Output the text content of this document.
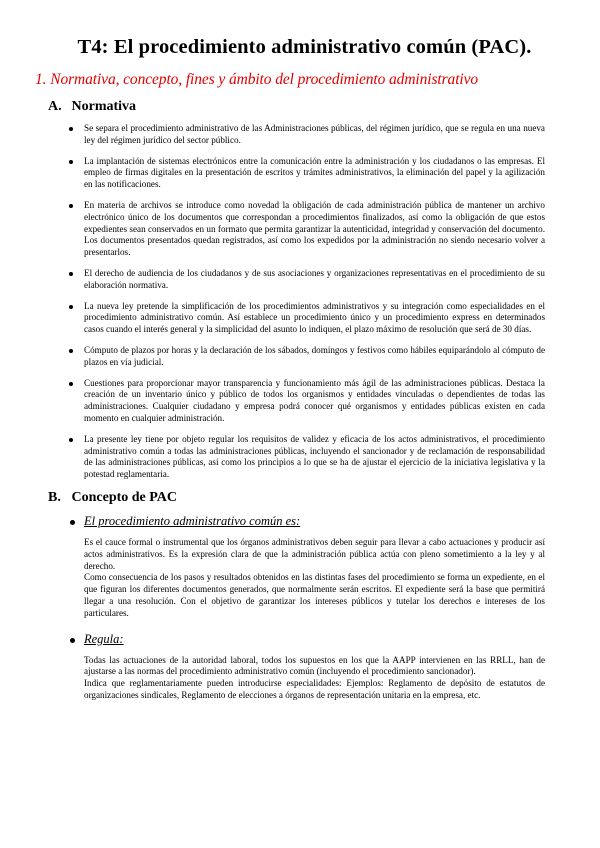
T4: El procedimiento administrativo común (PAC).
1. Normativa, concepto, fines y ámbito del procedimiento administrativo
A. Normativa
Se separa el procedimiento administrativo de las Administraciones públicas, del régimen jurídico, que se regula en una nueva ley del régimen jurídico del sector público.
La implantación de sistemas electrónicos entre la comunicación entre la administración y los ciudadanos o las empresas. El empleo de firmas digitales en la presentación de escritos y trámites administrativos, la eliminación del papel y la agilización en las notificaciones.
En materia de archivos se introduce como novedad la obligación de cada administración pública de mantener un archivo electrónico único de los documentos que correspondan a procedimientos finalizados, así como la obligación de que estos expedientes sean conservados en un formato que permita garantizar la autenticidad, integridad y conservación del documento. Los documentos presentados quedan registrados, así como los expedidos por la administración no siendo necesario volver a presentarlos.
El derecho de audiencia de los ciudadanos y de sus asociaciones y organizaciones representativas en el procedimiento de su elaboración normativa.
La nueva ley pretende la simplificación de los procedimientos administrativos y su integración como especialidades en el procedimiento administrativo común. Así establece un procedimiento único y un procedimiento express en determinados casos cuando el interés general y la simplicidad del asunto lo indiquen, el plazo máximo de resolución que será de 30 días.
Cómputo de plazos por horas y la declaración de los sábados, domingos y festivos como hábiles equiparándolo al cómputo de plazos en vía judicial.
Cuestiones para proporcionar mayor transparencia y funcionamiento más ágil de las administraciones públicas. Destaca la creación de un inventario único y público de todos los organismos y entidades vinculadas o dependientes de todas las administraciones. Cualquier ciudadano y empresa podrá conocer qué organismos y entidades públicas existen en cada momento en cualquier administración.
La presente ley tiene por objeto regular los requisitos de validez y eficacia de los actos administrativos, el procedimiento administrativo común a todas las administraciones públicas, incluyendo el sancionador y de reclamación de responsabilidad de las administraciones públicas, así como los principios a lo que se ha de ajustar el ejercicio de la iniciativa legislativa y la potestad reglamentaria.
B. Concepto de PAC
El procedimiento administrativo común es:

Es el cauce formal o instrumental que los órganos administrativos deben seguir para llevar a cabo actuaciones y producir así actos administrativos. Es la expresión clara de que la administración pública actúa con pleno sometimiento a la ley y al derecho.

Como consecuencia de los pasos y resultados obtenidos en las distintas fases del procedimiento se forma un expediente, en el que figuran los diferentes documentos generados, que normalmente serán escritos. El expediente será la base que permitirá llegar a una resolución. Con el objetivo de garantizar los intereses públicos y tutelar los derechos e intereses de los particulares.

Regula:

Todas las actuaciones de la autoridad laboral, todos los supuestos en los que la AAPP intervienen en las RRLL, han de ajustarse a las normas del procedimiento administrativo común (incluyendo el procedimiento sancionador).

Indica que reglamentariamente pueden introducirse especialidades: Ejemplos: Reglamento de depósito de estatutos de organizaciones sindicales, Reglamento de elecciones a órganos de representación unitaria en la empresa, etc.
